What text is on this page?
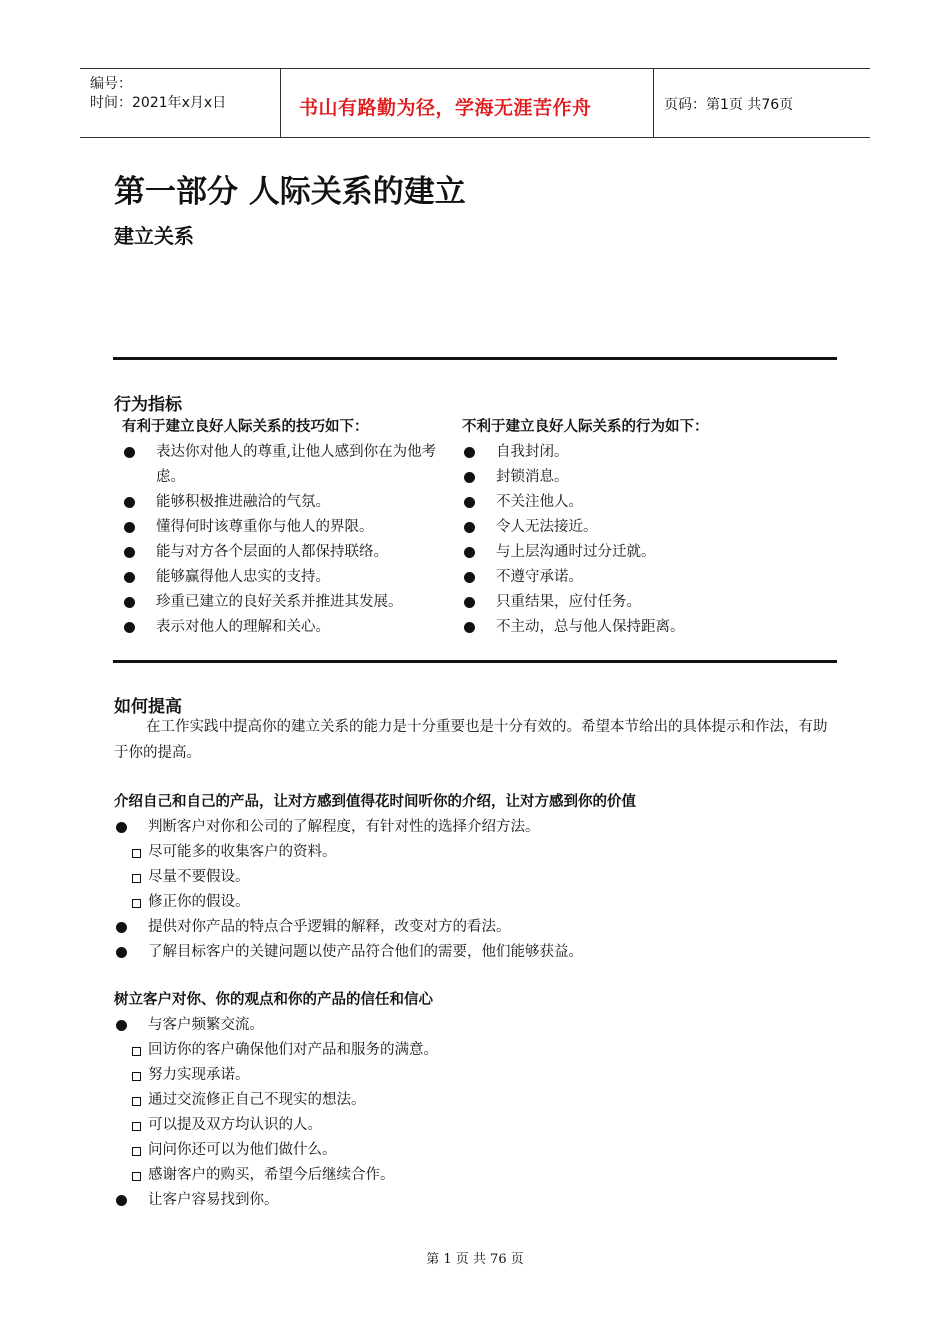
编号：
时间：2021年x月x日	书山有路勤为径，学海无涯苦作舟	页码：第1页 共76页
第一部分 人际关系的建立
建立关系
行为指标
有利于建立良好人际关系的技巧如下：
表达你对他人的尊重,让他人感到你在为他考虑。
能够积极推进融洽的气氛。
懂得何时该尊重你与他人的界限。
能与对方各个层面的人都保持联络。
能够赢得他人忠实的支持。
珍重已建立的良好关系并推进其发展。
表示对他人的理解和关心。
不利于建立良好人际关系的行为如下：
自我封闭。
封锁消息。
不关注他人。
令人无法接近。
与上层沟通时过分迁就。
不遵守承诺。
只重结果，应付任务。
不主动，总与他人保持距离。
如何提高

在工作实践中提高你的建立关系的能力是十分重要也是十分有效的。希望本节给出的具体提示和作法，有助于你的提高。

介绍自己和自己的产品，让对方感到值得花时间听你的介绍，让对方感到你的价值
判断客户对你和公司的了解程度，有针对性的选择介绍方法。
尽可能多的收集客户的资料。
尽量不要假设。
修正你的假设。
提供对你产品的特点合乎逻辑的解释，改变对方的看法。
了解目标客户的关键问题以使产品符合他们的需要，他们能够获益。
树立客户对你、你的观点和你的产品的信任和信心
与客户频繁交流。
回访你的客户确保他们对产品和服务的满意。
努力实现承诺。
通过交流修正自己不现实的想法。
可以提及双方均认识的人。
问问你还可以为他们做什么。
感谢客户的购买，希望今后继续合作。
让客户容易找到你。
第 1 页 共 76 页
